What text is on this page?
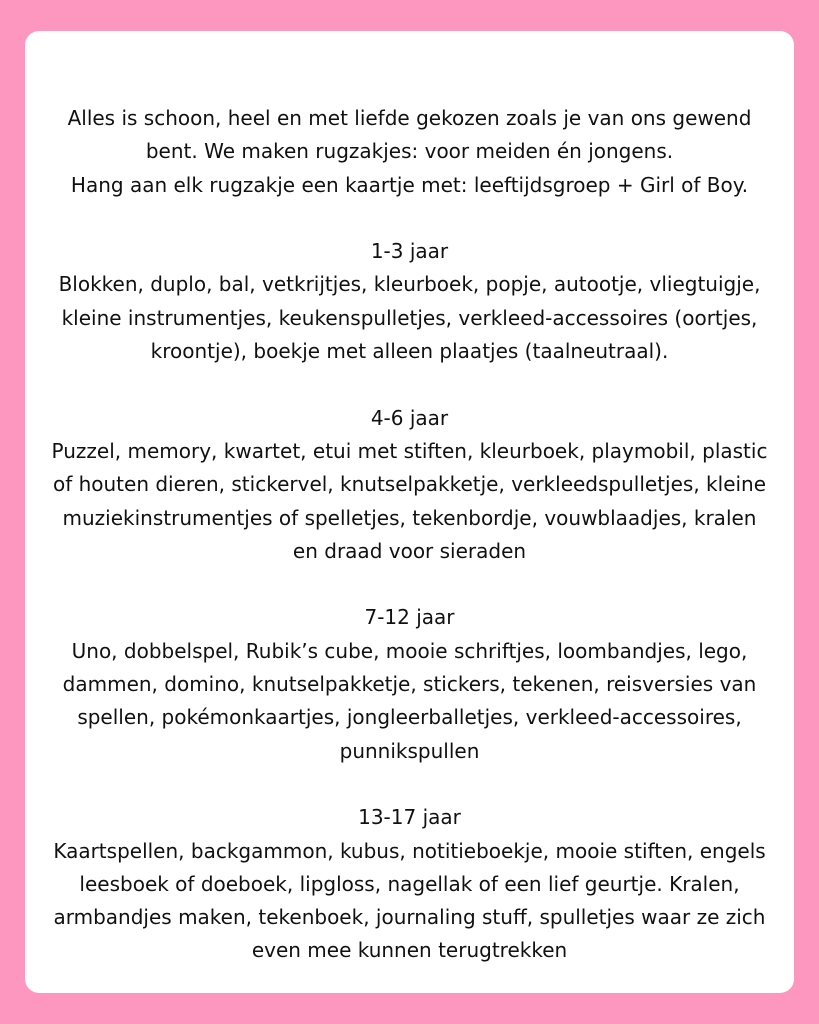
Alles is schoon, heel en met liefde gekozen zoals je van ons gewend
bent. We maken rugzakjes: voor meiden én jongens.
Hang aan elk rugzakje een kaartje met: leeftijdsgroep + Girl of Boy.
1-3 jaar
Blokken, duplo, bal, vetkrijtjes, kleurboek, popje, autootje, vliegtuigje,
kleine instrumentjes, keukenspulletjes, verkleed-accessoires (oortjes,
kroontje), boekje met alleen plaatjes (taalneutraal).
4-6 jaar
Puzzel, memory, kwartet, etui met stiften, kleurboek, playmobil, plastic
of houten dieren, stickervel, knutselpakketje, verkleedspulletjes, kleine
muziekinstrumentjes of spelletjes, tekenbordje, vouwblaadjes, kralen
en draad voor sieraden
7-12 jaar
Uno, dobbelspel, Rubik’s cube, mooie schriftjes, loombandjes, lego,
dammen, domino, knutselpakketje, stickers, tekenen, reisversies van
spellen, pokémonkaartjes, jongleerballetjes, verkleed-accessoires,
punnikspullen
13-17 jaar
Kaartspellen, backgammon, kubus, notitieboekje, mooie stiften, engels
leesboek of doeboek, lipgloss, nagellak of een lief geurtje. Kralen,
armbandjes maken, tekenboek, journaling stuff, spulletjes waar ze zich
even mee kunnen terugtrekken
